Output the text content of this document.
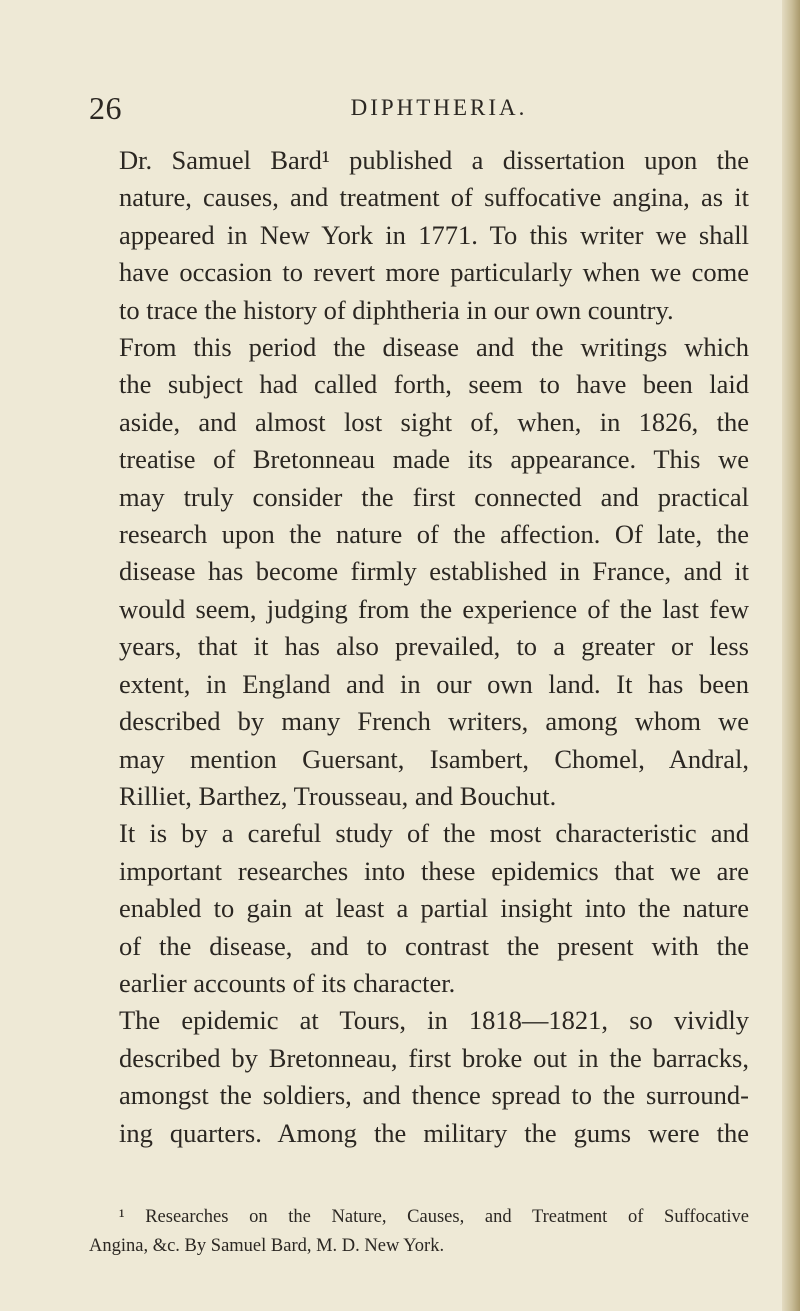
26	DIPHTHERIA.

Dr. Samuel Bard¹ published a dissertation upon the
nature, causes, and treatment of suffocative angina, as it
appeared in New York in 1771. To this writer we shall
have occasion to revert more particularly when we come
to trace the history of diphtheria in our own country.

From this period the disease and the writings which
the subject had called forth, seem to have been laid
aside, and almost lost sight of, when, in 1826, the
treatise of Bretonneau made its appearance. This we
may truly consider the first connected and practical
research upon the nature of the affection. Of late, the
disease has become firmly established in France, and it
would seem, judging from the experience of the last few
years, that it has also prevailed, to a greater or less
extent, in England and in our own land. It has been
described by many French writers, among whom we
may mention Guersant, Isambert, Chomel, Andral,
Rilliet, Barthez, Trousseau, and Bouchut.

It is by a careful study of the most characteristic and
important researches into these epidemics that we are
enabled to gain at least a partial insight into the nature
of the disease, and to contrast the present with the
earlier accounts of its character.

The epidemic at Tours, in 1818—1821, so vividly
described by Bretonneau, first broke out in the barracks,
amongst the soldiers, and thence spread to the surround-
ing quarters. Among the military the gums were the

¹ Researches on the Nature, Causes, and Treatment of Suffocative
Angina, &c. By Samuel Bard, M. D. New York.
